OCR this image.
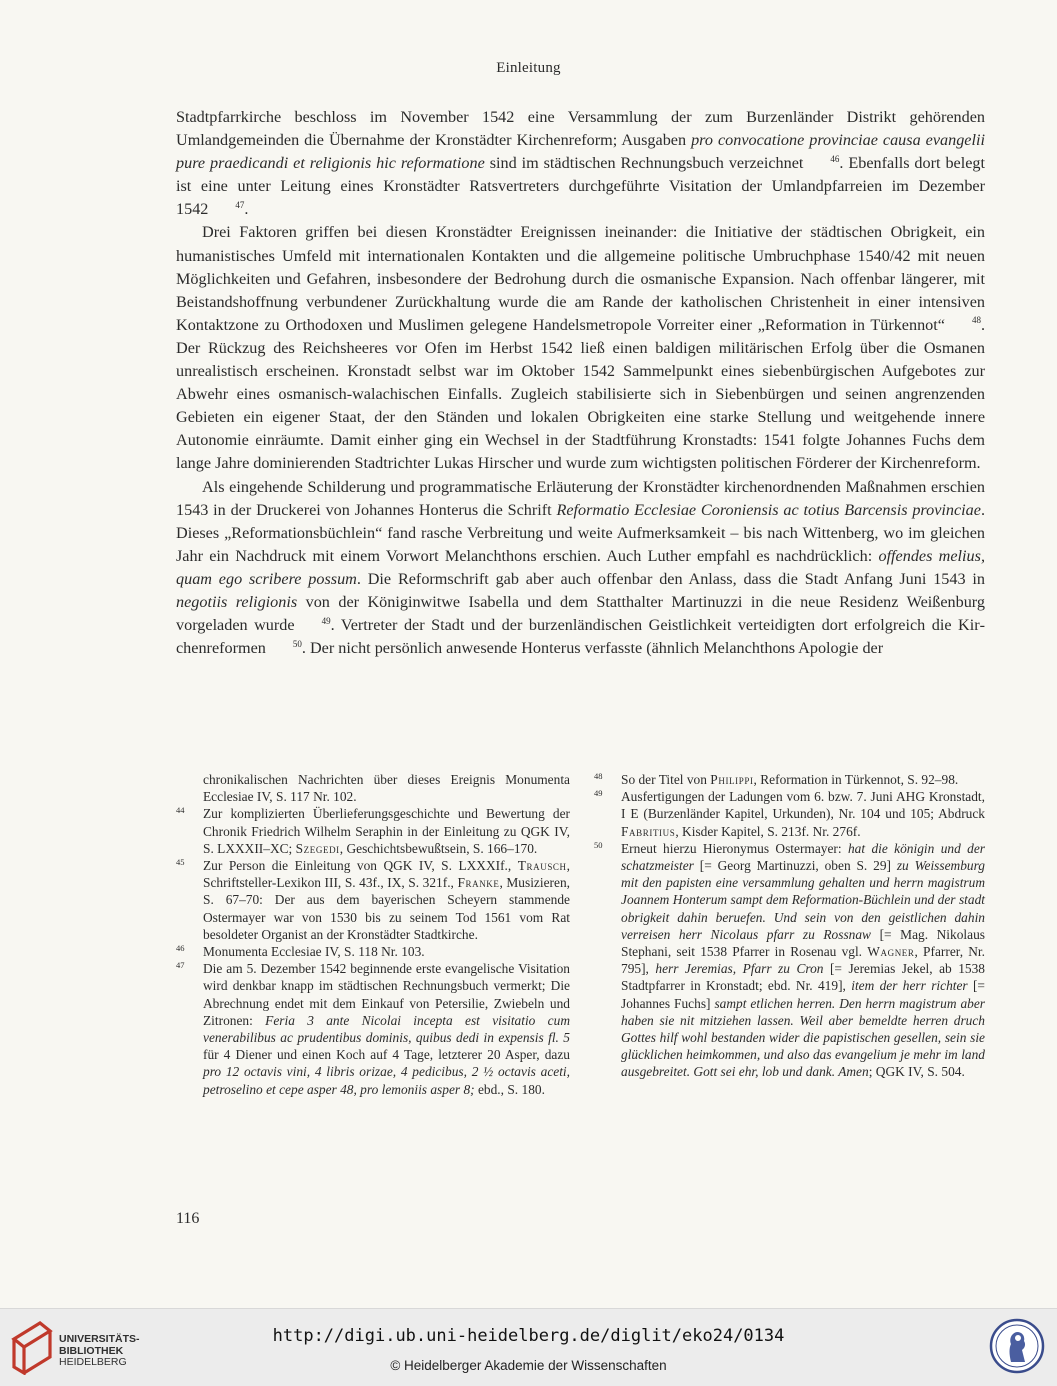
Einleitung

Stadtpfarrkirche beschloss im November 1542 eine Versammlung der zum Burzenländer Distrikt gehörenden Umlandgemeinden die Übernahme der Kronstädter Kirchenreform; Ausgaben pro convocatione provinciae causa evangelii pure praedicandi et religionis hic reformatione sind im städtischen Rechnungsbuch verzeichnet	$^{46}$. Ebenfalls dort belegt ist eine unter Leitung eines Kronstädter Ratsvertreters durchgeführte Visitation der Umlandpfarreien im Dezember 1542	$^{47}$.

Drei Faktoren griffen bei diesen Kronstädter Ereignissen ineinander: die Initiative der städtischen Obrigkeit, ein humanistisches Umfeld mit internationalen Kontakten und die allgemeine politische Umbruchphase 1540/42 mit neuen Möglichkeiten und Gefahren, insbesondere der Bedrohung durch die osmanische Expansion. Nach offenbar längerer, mit Beistandshoffnung verbundener Zurückhaltung wurde die am Rande der katholischen Christenheit in einer intensiven Kontaktzone zu Orthodoxen und Muslimen gelegene Handelsmetropole Vorreiter einer „Reformation in Türkennot“	$^{48}$. Der Rückzug des Reichsheeres vor Ofen im Herbst 1542 ließ einen baldigen militärischen Erfolg über die Osmanen unrealistisch erscheinen. Kronstadt selbst war im Oktober 1542 Sammelpunkt eines siebenbürgischen Aufgebotes zur Abwehr eines osmanisch-walachischen Einfalls. Zugleich stabilisierte sich in Siebenbürgen und seinen angrenzenden Gebieten ein eigener Staat, der den Ständen und lokalen Obrigkeiten eine starke Stellung und weitgehende innere Autonomie einräumte. Damit einher ging ein Wechsel in der Stadtführung Kronstadts: 1541 folgte Johannes Fuchs dem lange Jahre dominierenden Stadtrichter Lukas Hirscher und wurde zum wichtigsten politischen Förderer der Kirchenreform.

Als eingehende Schilderung und programmatische Erläuterung der Kronstädter kirchenordnenden Maßnahmen erschien 1543 in der Druckerei von Johannes Honterus die Schrift Reformatio Ecclesiae Coroniensis ac totius Barcensis provinciae. Dieses „Reformationsbüchlein“ fand rasche Verbreitung und weite Aufmerksamkeit – bis nach Wittenberg, wo im gleichen Jahr ein Nachdruck mit einem Vorwort Melanchthons erschien. Auch Luther empfahl es nachdrücklich: offendes melius, quam ego scribere possum. Die Reformschrift gab aber auch offenbar den Anlass, dass die Stadt Anfang Juni 1543 in negotiis religionis von der Königinwitwe Isabella und dem Statthalter Martinuzzi in die neue Residenz Weißenburg vorgeladen wurde	$^{49}$. Vertreter der Stadt und der burzenländischen Geistlichkeit verteidigten dort erfolgreich die Kirchenreformen	$^{50}$. Der nicht persönlich anwesende Honterus verfasste (ähnlich Melanchthons Apologie der

chronikalischen Nachrichten über dieses Ereignis Monumenta Ecclesiae IV, S. 117 Nr. 102.

44 Zur komplizierten Überlieferungsgeschichte und Bewertung der Chronik Friedrich Wilhelm Seraphin in der Einleitung zu QGK IV, S. LXXXII–XC; Szegedi, Geschichtsbewußtsein, S. 166–170.

45 Zur Person die Einleitung von QGK IV, S. LXXXIf., Trausch, Schriftsteller-Lexikon III, S. 43f., IX, S. 321f., Franke, Musizieren, S. 67–70: Der aus dem bayerischen Scheyern stammende Ostermayer war von 1530 bis zu seinem Tod 1561 vom Rat besoldeter Organist an der Kronstädter Stadtkirche.

46 Monumenta Ecclesiae IV, S. 118 Nr. 103.

47 Die am 5. Dezember 1542 beginnende erste evangelische Visitation wird denkbar knapp im städtischen Rechnungsbuch vermerkt; Die Abrechnung endet mit dem Einkauf von Petersilie, Zwiebeln und Zitronen: Feria 3 ante Nicolai incepta est visitatio cum venerabilibus ac prudentibus dominis, quibus dedi in expensis fl. 5 für 4 Diener und einen Koch auf 4 Tage, letzterer 20 Asper, dazu pro 12 octavis vini, 4 libris orizae, 4 pedicibus, 2 ½ octavis aceti, petroselino et cepe asper 48, pro lemoniis asper 8; ebd., S. 180.

48 So der Titel von Philippi, Reformation in Türkennot, S. 92–98.

49 Ausfertigungen der Ladungen vom 6. bzw. 7. Juni AHG Kronstadt, I E (Burzenländer Kapitel, Urkunden), Nr. 104 und 105; Abdruck Fabritius, Kisder Kapitel, S. 213f. Nr. 276f.

50 Erneut hierzu Hieronymus Ostermayer: hat die königin und der schatzmeister [= Georg Martinuzzi, oben S. 29] zu Weissemburg mit den papisten eine versammlung gehalten und herrn magistrum Joannem Honterum sampt dem Reformation-Büchlein und der stadt obrigkeit dahin beruefen. Und sein von den geistlichen dahin verreisen herr Nicolaus pfarr zu Rossnaw [= Mag. Nikolaus Stephani, seit 1538 Pfarrer in Rosenau vgl. Wagner, Pfarrer, Nr. 795], herr Jeremias, Pfarr zu Cron [= Jeremias Jekel, ab 1538 Stadtpfarrer in Kronstadt; ebd. Nr. 419], item der herr richter [= Johannes Fuchs] sampt etlichen herren. Den herrn magistrum aber haben sie nit mitziehen lassen. Weil aber bemeldte herren druch Gottes hilf wohl bestanden wider die papistischen gesellen, sein sie glücklichen heimkommen, und also das evangelium je mehr im land ausgebreitet. Gott sei ehr, lob und dank. Amen; QGK IV, S. 504.

116
UNIVERSITÄTS-
BIBLIOTHEK
HEIDELBERG
http://digi.ub.uni-heidelberg.de/diglit/eko24/0134
© Heidelberger Akademie der Wissenschaften
